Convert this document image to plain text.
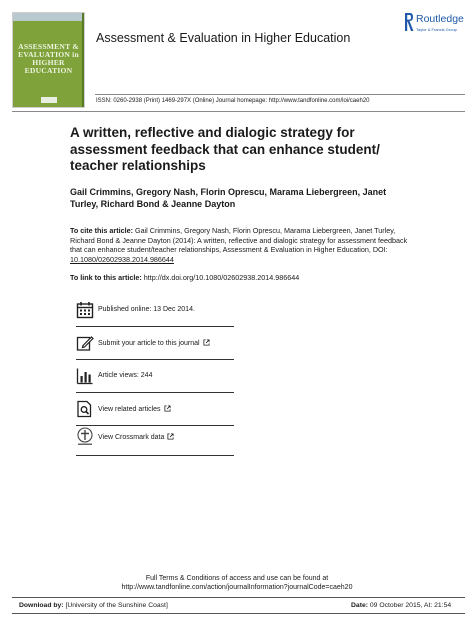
ASSESSMENT & EVALUATION in HIGHER EDUCATION
Assessment & Evaluation in Higher Education
Routledge
Taylor & Francis Group
ISSN: 0260-2938 (Print) 1469-297X (Online) Journal homepage: http://www.tandfonline.com/loi/caeh20
A written, reflective and dialogic strategy for assessment feedback that can enhance student/ teacher relationships
Gail Crimmins, Gregory Nash, Florin Oprescu, Marama Liebergreen, Janet Turley, Richard Bond & Jeanne Dayton
To cite this article: Gail Crimmins, Gregory Nash, Florin Oprescu, Marama Liebergreen, Janet Turley, Richard Bond & Jeanne Dayton (2014): A written, reflective and dialogic strategy for assessment feedback that can enhance student/teacher relationships, Assessment & Evaluation in Higher Education, DOI: 10.1080/02602938.2014.986644
To link to this article: http://dx.doi.org/10.1080/02602938.2014.986644
Published online: 13 Dec 2014.
Submit your article to this journal
Article views: 244
View related articles
View Crossmark data
Full Terms & Conditions of access and use can be found at
http://www.tandfonline.com/action/journalInformation?journalCode=caeh20
Download by: [University of the Sunshine Coast]	Date: 09 October 2015, At: 21:54
